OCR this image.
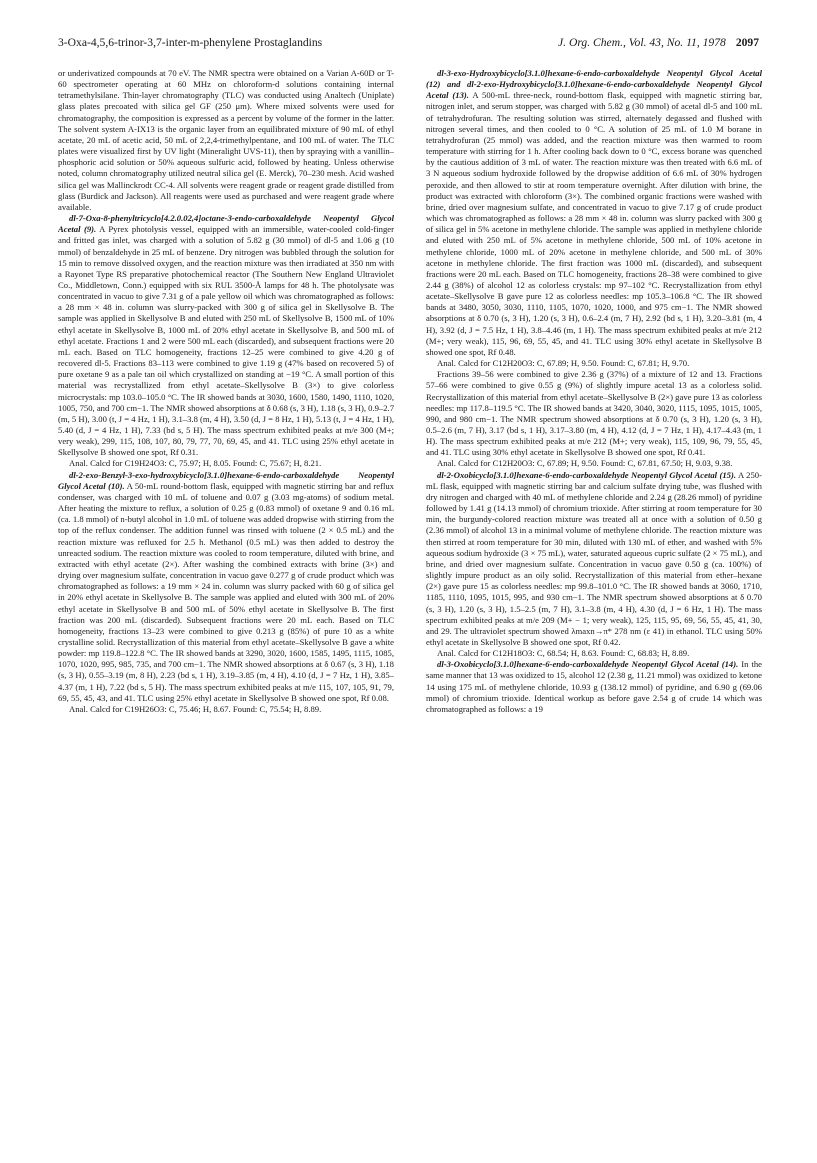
3-Oxa-4,5,6-trinor-3,7-inter-m-phenylene Prostaglandins	J. Org. Chem., Vol. 43, No. 11, 1978 2097

or underivatized compounds at 70 eV. The NMR spectra were obtained on a Varian A-60D or T-60 spectrometer operating at 60 MHz on chloroform-d solutions containing internal tetramethylsilane. Thin-layer chromatography (TLC) was conducted using Analtech (Uniplate) glass plates precoated with silica gel GF (250 μm). Where mixed solvents were used for chromatography, the composition is expressed as a percent by volume of the former in the latter. The solvent system A-IX13 is the organic layer from an equilibrated mixture of 90 mL of ethyl acetate, 20 mL of acetic acid, 50 mL of 2,2,4-trimethylpentane, and 100 mL of water. The TLC plates were visualized first by UV light (Mineralight UVS-11), then by spraying with a vanillin–phosphoric acid solution or 50% aqueous sulfuric acid, followed by heating. Unless otherwise noted, column chromatography utilized neutral silica gel (E. Merck), 70–230 mesh. Acid washed silica gel was Mallinckrodt CC-4. All solvents were reagent grade or reagent grade distilled from glass (Burdick and Jackson). All reagents were used as purchased and were reagent grade where available.

dl-7-Oxa-8-phenyltricyclo[4.2.0.02,4]octane-3-endo-carboxaldehyde Neopentyl Glycol Acetal (9). A Pyrex photolysis vessel, equipped with an immersible, water-cooled cold-finger and fritted gas inlet, was charged with a solution of 5.82 g (30 mmol) of dl-5 and 1.06 g (10 mmol) of benzaldehyde in 25 mL of benzene. Dry nitrogen was bubbled through the solution for 15 min to remove dissolved oxygen, and the reaction mixture was then irradiated at 350 nm with a Rayonet Type RS preparative photochemical reactor (The Southern New England Ultraviolet Co., Middletown, Conn.) equipped with six RUL 3500-Å lamps for 48 h. The photolysate was concentrated in vacuo to give 7.31 g of a pale yellow oil which was chromatographed as follows: a 28 mm × 48 in. column was slurry-packed with 300 g of silica gel in Skellysolve B. The sample was applied in Skellysolve B and eluted with 250 mL of Skellysolve B, 1500 mL of 10% ethyl acetate in Skellysolve B, 1000 mL of 20% ethyl acetate in Skellysolve B, and 500 mL of ethyl acetate. Fractions 1 and 2 were 500 mL each (discarded), and subsequent fractions were 20 mL each. Based on TLC homogeneity, fractions 12–25 were combined to give 4.20 g of recovered dl-5. Fractions 83–113 were combined to give 1.19 g (47% based on recovered 5) of pure oxetane 9 as a pale tan oil which crystallized on standing at −19 °C. A small portion of this material was recrystallized from ethyl acetate–Skellysolve B (3×) to give colorless microcrystals: mp 103.0–105.0 °C. The IR showed bands at 3030, 1600, 1580, 1490, 1110, 1020, 1005, 750, and 700 cm−1. The NMR showed absorptions at δ 0.68 (s, 3 H), 1.18 (s, 3 H), 0.9–2.7 (m, 5 H), 3.00 (t, J = 4 Hz, 1 H), 3.1–3.8 (m, 4 H), 3.50 (d, J = 8 Hz, 1 H), 5.13 (t, J = 4 Hz, 1 H), 5.40 (d, J = 4 Hz, 1 H), 7.33 (bd s, 5 H). The mass spectrum exhibited peaks at m/e 300 (M+; very weak), 299, 115, 108, 107, 80, 79, 77, 70, 69, 45, and 41. TLC using 25% ethyl acetate in Skellysolve B showed one spot, Rf 0.31.

Anal. Calcd for C19H24O3: C, 75.97; H, 8.05. Found: C, 75.67; H, 8.21.

dl-2-exo-Benzyl-3-exo-hydroxybicyclo[3.1.0]hexane-6-endo-carboxaldehyde Neopentyl Glycol Acetal (10). A 50-mL round-bottom flask, equipped with magnetic stirring bar and reflux condenser, was charged with 10 mL of toluene and 0.07 g (3.03 mg-atoms) of sodium metal. After heating the mixture to reflux, a solution of 0.25 g (0.83 mmol) of oxetane 9 and 0.16 mL (ca. 1.8 mmol) of n-butyl alcohol in 1.0 mL of toluene was added dropwise with stirring from the top of the reflux condenser. The addition funnel was rinsed with toluene (2 × 0.5 mL) and the reaction mixture was refluxed for 2.5 h. Methanol (0.5 mL) was then added to destroy the unreacted sodium. The reaction mixture was cooled to room temperature, diluted with brine, and extracted with ethyl acetate (2×). After washing the combined extracts with brine (3×) and drying over magnesium sulfate, concentration in vacuo gave 0.277 g of crude product which was chromatographed as follows: a 19 mm × 24 in. column was slurry packed with 60 g of silica gel in 20% ethyl acetate in Skellysolve B. The sample was applied and eluted with 300 mL of 20% ethyl acetate in Skellysolve B and 500 mL of 50% ethyl acetate in Skellysolve B. The first fraction was 200 mL (discarded). Subsequent fractions were 20 mL each. Based on TLC homogeneity, fractions 13–23 were combined to give 0.213 g (85%) of pure 10 as a white crystalline solid. Recrystallization of this material from ethyl acetate–Skellysolve B gave a white powder: mp 119.8–122.8 °C. The IR showed bands at 3290, 3020, 1600, 1585, 1495, 1115, 1085, 1070, 1020, 995, 985, 735, and 700 cm−1. The NMR showed absorptions at δ 0.67 (s, 3 H), 1.18 (s, 3 H), 0.55–3.19 (m, 8 H), 2.23 (bd s, 1 H), 3.19–3.85 (m, 4 H), 4.10 (d, J = 7 Hz, 1 H), 3.85–4.37 (m, 1 H), 7.22 (bd s, 5 H). The mass spectrum exhibited peaks at m/e 115, 107, 105, 91, 79, 69, 55, 45, 43, and 41. TLC using 25% ethyl acetate in Skellysolve B showed one spot, Rf 0.08.

Anal. Calcd for C19H26O3: C, 75.46; H, 8.67. Found: C, 75.54; H, 8.89.

dl-3-exo-Hydroxybicyclo[3.1.0]hexane-6-endo-carboxaldehyde Neopentyl Glycol Acetal (12) and dl-2-exo-Hydroxybicyclo[3.1.0]hexane-6-endo-carboxaldehyde Neopentyl Glycol Acetal (13). A 500-mL three-neck, round-bottom flask, equipped with magnetic stirring bar, nitrogen inlet, and serum stopper, was charged with 5.82 g (30 mmol) of acetal dl-5 and 100 mL of tetrahydrofuran. The resulting solution was stirred, alternately degassed and flushed with nitrogen several times, and then cooled to 0 °C. A solution of 25 mL of 1.0 M borane in tetrahydrofuran (25 mmol) was added, and the reaction mixture was then warmed to room temperature with stirring for 1 h. After cooling back down to 0 °C, excess borane was quenched by the cautious addition of 3 mL of water. The reaction mixture was then treated with 6.6 mL of 3 N aqueous sodium hydroxide followed by the dropwise addition of 6.6 mL of 30% hydrogen peroxide, and then allowed to stir at room temperature overnight. After dilution with brine, the product was extracted with chloroform (3×). The combined organic fractions were washed with brine, dried over magnesium sulfate, and concentrated in vacuo to give 7.17 g of crude product which was chromatographed as follows: a 28 mm × 48 in. column was slurry packed with 300 g of silica gel in 5% acetone in methylene chloride. The sample was applied in methylene chloride and eluted with 250 mL of 5% acetone in methylene chloride, 500 mL of 10% acetone in methylene chloride, 1000 mL of 20% acetone in methylene chloride, and 500 mL of 30% acetone in methylene chloride. The first fraction was 1000 mL (discarded), and subsequent fractions were 20 mL each. Based on TLC homogeneity, fractions 28–38 were combined to give 2.44 g (38%) of alcohol 12 as colorless crystals: mp 97–102 °C. Recrystallization from ethyl acetate–Skellysolve B gave pure 12 as colorless needles: mp 105.3–106.8 °C. The IR showed bands at 3480, 3050, 3030, 1110, 1105, 1070, 1020, 1000, and 975 cm−1. The NMR showed absorptions at δ 0.70 (s, 3 H), 1.20 (s, 3 H), 0.6–2.4 (m, 7 H), 2.92 (bd s, 1 H), 3.20–3.81 (m, 4 H), 3.92 (d, J = 7.5 Hz, 1 H), 3.8–4.46 (m, 1 H). The mass spectrum exhibited peaks at m/e 212 (M+; very weak), 115, 96, 69, 55, 45, and 41. TLC using 30% ethyl acetate in Skellysolve B showed one spot, Rf 0.48.

Anal. Calcd for C12H20O3: C, 67.89; H, 9.50. Found: C, 67.81; H, 9.70.

Fractions 39–56 were combined to give 2.36 g (37%) of a mixture of 12 and 13. Fractions 57–66 were combined to give 0.55 g (9%) of slightly impure acetal 13 as a colorless solid. Recrystallization of this material from ethyl acetate–Skellysolve B (2×) gave pure 13 as colorless needles: mp 117.8–119.5 °C. The IR showed bands at 3420, 3040, 3020, 1115, 1095, 1015, 1005, 990, and 980 cm−1. The NMR spectrum showed absorptions at δ 0.70 (s, 3 H), 1.20 (s, 3 H), 0.5–2.6 (m, 7 H), 3.17 (bd s, 1 H), 3.17–3.80 (m, 4 H), 4.12 (d, J = 7 Hz, 1 H), 4.17–4.43 (m, 1 H). The mass spectrum exhibited peaks at m/e 212 (M+; very weak), 115, 109, 96, 79, 55, 45, and 41. TLC using 30% ethyl acetate in Skellysolve B showed one spot, Rf 0.41.

Anal. Calcd for C12H20O3: C, 67.89; H, 9.50. Found: C, 67.81, 67.50; H, 9.03, 9.38.

dl-2-Oxobicyclo[3.1.0]hexane-6-endo-carboxaldehyde Neopentyl Glycol Acetal (15). A 250-mL flask, equipped with magnetic stirring bar and calcium sulfate drying tube, was flushed with dry nitrogen and charged with 40 mL of methylene chloride and 2.24 g (28.26 mmol) of pyridine followed by 1.41 g (14.13 mmol) of chromium trioxide. After stirring at room temperature for 30 min, the burgundy-colored reaction mixture was treated all at once with a solution of 0.50 g (2.36 mmol) of alcohol 13 in a minimal volume of methylene chloride. The reaction mixture was then stirred at room temperature for 30 min, diluted with 130 mL of ether, and washed with 5% aqueous sodium hydroxide (3 × 75 mL), water, saturated aqueous cupric sulfate (2 × 75 mL), and brine, and dried over magnesium sulfate. Concentration in vacuo gave 0.50 g (ca. 100%) of slightly impure product as an oily solid. Recrystallization of this material from ether–hexane (2×) gave pure 15 as colorless needles: mp 99.8–101.0 °C. The IR showed bands at 3060, 1710, 1185, 1110, 1095, 1015, 995, and 930 cm−1. The NMR spectrum showed absorptions at δ 0.70 (s, 3 H), 1.20 (s, 3 H), 1.5–2.5 (m, 7 H), 3.1–3.8 (m, 4 H), 4.30 (d, J = 6 Hz, 1 H). The mass spectrum exhibited peaks at m/e 209 (M+ − 1; very weak), 125, 115, 95, 69, 56, 55, 45, 41, 30, and 29. The ultraviolet spectrum showed λmaxn→π* 278 nm (ε 41) in ethanol. TLC using 50% ethyl acetate in Skellysolve B showed one spot, Rf 0.42.

Anal. Calcd for C12H18O3: C, 68.54; H, 8.63. Found: C, 68.83; H, 8.89.

dl-3-Oxobicyclo[3.1.0]hexane-6-endo-carboxaldehyde Neopentyl Glycol Acetal (14). In the same manner that 13 was oxidized to 15, alcohol 12 (2.38 g, 11.21 mmol) was oxidized to ketone 14 using 175 mL of methylene chloride, 10.93 g (138.12 mmol) of pyridine, and 6.90 g (69.06 mmol) of chromium trioxide. Identical workup as before gave 2.54 g of crude 14 which was chromatographed as follows: a 19
